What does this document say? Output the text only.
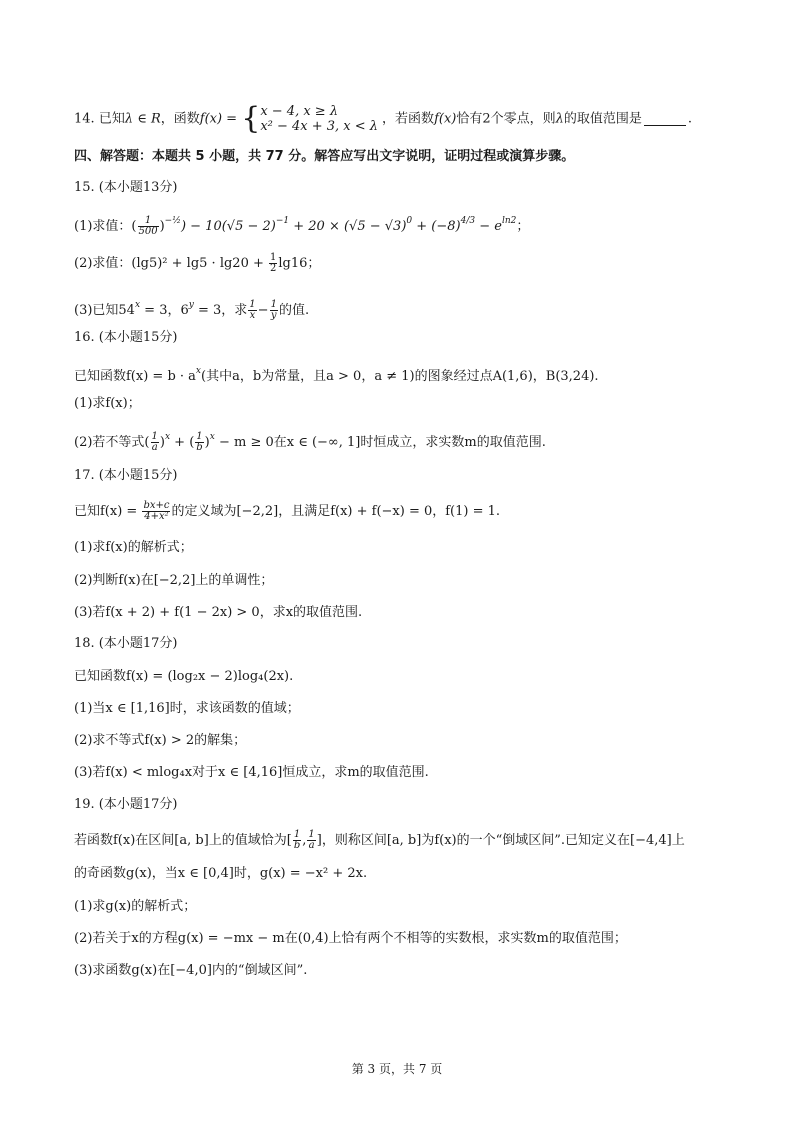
14. 已知λ ∈ R，函数f(x) = { x − 4, x ≥ λ
x² − 4x + 3, x < λ ，若函数f(x)恰有2个零点，则λ的取值范围是	.
四、解答题：本题共 5 小题，共 77 分。解答应写出文字说明，证明过程或演算步骤。
15. (本小题13分)
(1)求值：( $\frac{1}{500} )^{-\frac{1}{2}}) - 10(√5 - 2)^{-1} + 20 \times (√5 - √3)^0 + (-8)^{4/3} - e^{ln2}$；
(2)求值：$(\lg 5)^2 + \lg 5 \cdot \lg 20 + \frac{1}{2} \lg 16$；
(3)已知$54^x = 3$，$6^y = 3$，求 $\frac{1}{x} - \frac{1}{y}$ 的值.
16. (本小题15分)
已知函数$f(x) = b \cdot a^x$(其中a，b为常量，且a > 0，a ≠ 1)的图象经过点A(1,6)，B(3,24).
(1)求f(x)；
(2)若不等式( $\frac{1}{a} )^x$ + ( $\frac{1}{b} )^x - m \ge 0$在x ∈ (−∞, 1]时恒成立，求实数m的取值范围.
17. (本小题15分)
已知$f(x) = \frac{bx+c}{\text{4+x²}}$ 的定义域为[−2,2]，且满足f(x) + f(−x) = 0，f(1) = 1.
(1)求f(x)的解析式；
(2)判断f(x)在[−2,2]上的单调性；
(3)若f(x + 2) + f(1 − 2x) > 0，求x的取值范围.
18. (本小题17分)
已知函数f(x) = (log₂x − 2)log₄(2x).
(1)当x ∈ [1,16]时，求该函数的值域；
(2)求不等式f(x) > 2的解集；
(3)若f(x) < mlog₄x对于x ∈ [4,16]恒成立，求m的取值范围.
19. (本小题17分)
若函数f(x)在区间[a, b]上的值域恰为[ $\frac{1}{b}$ , $\frac{1}{a}$ ]，则称区间[a, b]为f(x)的一个“倒域区间”.已知定义在[−4,4]上
的奇函数g(x)，当x ∈ [0,4]时，g(x) = −x² + 2x.
(1)求g(x)的解析式；
(2)若关于x的方程g(x) = −mx − m在(0,4)上恰有两个不相等的实数根，求实数m的取值范围；
(3)求函数g(x)在[−4,0]内的“倒域区间”.
第 3 页，共 7 页
